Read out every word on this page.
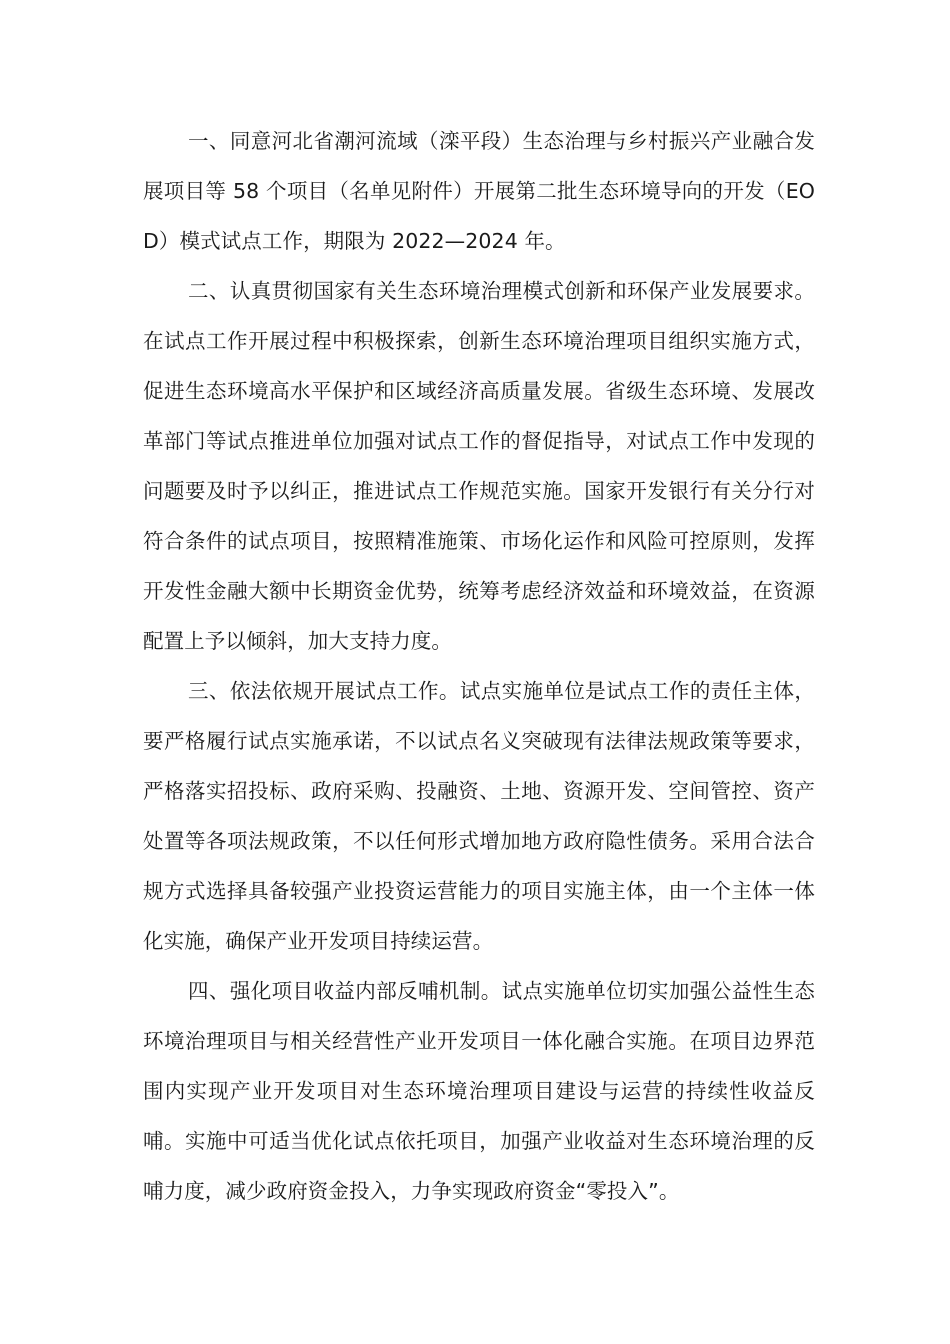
一、同意河北省潮河流域（滦平段）生态治理与乡村振兴产业融合发展项目等 58 个项目（名单见附件）开展第二批生态环境导向的开发（EOD）模式试点工作，期限为 2022—2024 年。

二、认真贯彻国家有关生态环境治理模式创新和环保产业发展要求。在试点工作开展过程中积极探索，创新生态环境治理项目组织实施方式，促进生态环境高水平保护和区域经济高质量发展。省级生态环境、发展改革部门等试点推进单位加强对试点工作的督促指导，对试点工作中发现的问题要及时予以纠正，推进试点工作规范实施。国家开发银行有关分行对符合条件的试点项目，按照精准施策、市场化运作和风险可控原则，发挥开发性金融大额中长期资金优势，统筹考虑经济效益和环境效益，在资源配置上予以倾斜，加大支持力度。

三、依法依规开展试点工作。试点实施单位是试点工作的责任主体，要严格履行试点实施承诺，不以试点名义突破现有法律法规政策等要求，严格落实招投标、政府采购、投融资、土地、资源开发、空间管控、资产处置等各项法规政策，不以任何形式增加地方政府隐性债务。采用合法合规方式选择具备较强产业投资运营能力的项目实施主体，由一个主体一体化实施，确保产业开发项目持续运营。

四、强化项目收益内部反哺机制。试点实施单位切实加强公益性生态环境治理项目与相关经营性产业开发项目一体化融合实施。在项目边界范围内实现产业开发项目对生态环境治理项目建设与运营的持续性收益反哺。实施中可适当优化试点依托项目，加强产业收益对生态环境治理的反哺力度，减少政府资金投入，力争实现政府资金“零投入”。
